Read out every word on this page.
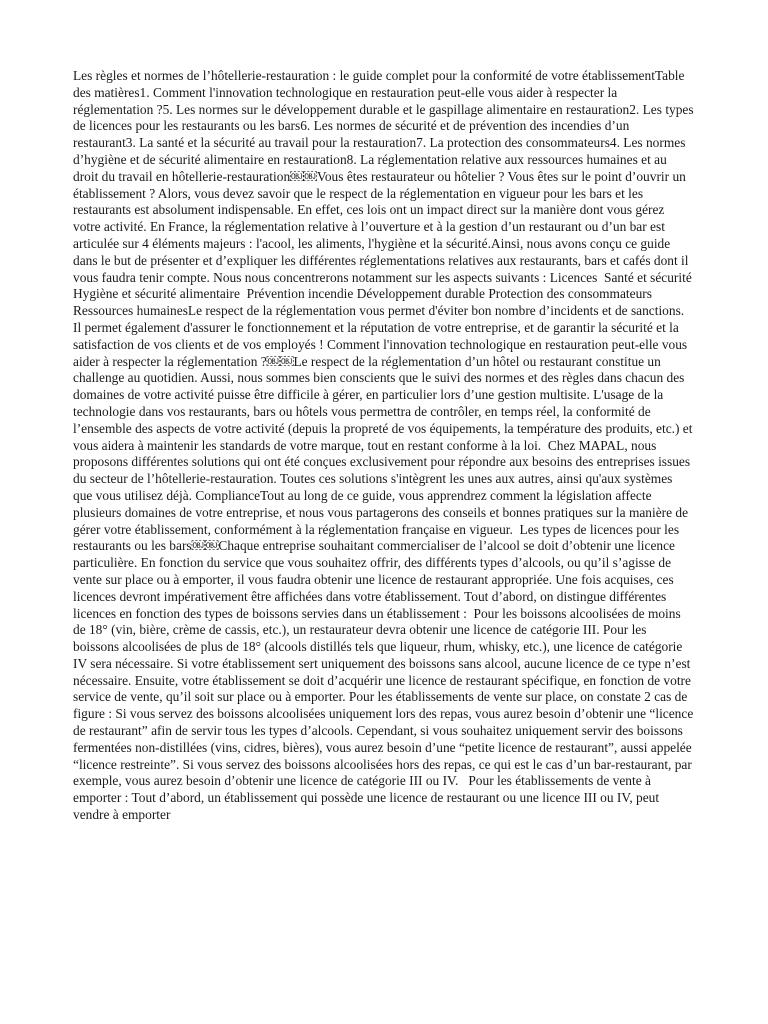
Les règles et normes de l’hôtellerie-restauration : le guide complet pour la conformité de votre établissementTable des matières1. Comment l'innovation technologique en restauration peut-elle vous aider à respecter la réglementation ?5. Les normes sur le développement durable et le gaspillage alimentaire en restauration2. Les types de licences pour les restaurants ou les bars6. Les normes de sécurité et de prévention des incendies d’un restaurant3. La santé et la sécurité au travail pour la restauration7. La protection des consommateurs4. Les normes d’hygiène et de sécurité alimentaire en restauration8. La réglementation relative aux ressources humaines et au droit du travail en hôtellerie-restauration￼￼Vous êtes restaurateur ou hôtelier ? Vous êtes sur le point d’ouvrir un établissement ? Alors, vous devez savoir que le respect de la réglementation en vigueur pour les bars et les restaurants est absolument indispensable. En effet, ces lois ont un impact direct sur la manière dont vous gérez votre activité. En France, la réglementation relative à l’ouverture et à la gestion d’un restaurant ou d’un bar est articulée sur 4 éléments majeurs : l'acool, les aliments, l'hygiène et la sécurité.Ainsi, nous avons conçu ce guide dans le but de présenter et d’expliquer les différentes réglementations relatives aux restaurants, bars et cafés dont il vous faudra tenir compte. Nous nous concentrerons notamment sur les aspects suivants : Licences  Santé et sécurité   Hygiène et sécurité alimentaire  Prévention incendie Développement durable Protection des consommateurs  Ressources humainesLe respect de la réglementation vous permet d'éviter bon nombre d’incidents et de sanctions. Il permet également d'assurer le fonctionnement et la réputation de votre entreprise, et de garantir la sécurité et la satisfaction de vos clients et de vos employés ! Comment l'innovation technologique en restauration peut-elle vous aider à respecter la réglementation ?￼￼Le respect de la réglementation d’un hôtel ou restaurant constitue un challenge au quotidien. Aussi, nous sommes bien conscients que le suivi des normes et des règles dans chacun des domaines de votre activité puisse être difficile à gérer, en particulier lors d’une gestion multisite. L'usage de la technologie dans vos restaurants, bars ou hôtels vous permettra de contrôler, en temps réel, la conformité de l’ensemble des aspects de votre activité (depuis la propreté de vos équipements, la température des produits, etc.) et vous aidera à maintenir les standards de votre marque, tout en restant conforme à la loi.  Chez MAPAL, nous proposons différentes solutions qui ont été conçues exclusivement pour répondre aux besoins des entreprises issues du secteur de l’hôtellerie-restauration. Toutes ces solutions s'intègrent les unes aux autres, ainsi qu'aux systèmes que vous utilisez déjà. ComplianceTout au long de ce guide, vous apprendrez comment la législation affecte plusieurs domaines de votre entreprise, et nous vous partagerons des conseils et bonnes pratiques sur la manière de gérer votre établissement, conformément à la réglementation française en vigueur.  Les types de licences pour les restaurants ou les bars￼￼Chaque entreprise souhaitant commercialiser de l’alcool se doit d’obtenir une licence particulière. En fonction du service que vous souhaitez offrir, des différents types d’alcools, ou qu’il s’agisse de vente sur place ou à emporter, il vous faudra obtenir une licence de restaurant appropriée. Une fois acquises, ces licences devront impérativement être affichées dans votre établissement. Tout d’abord, on distingue différentes licences en fonction des types de boissons servies dans un établissement :  Pour les boissons alcoolisées de moins de 18° (vin, bière, crème de cassis, etc.), un restaurateur devra obtenir une licence de catégorie III. Pour les boissons alcoolisées de plus de 18° (alcools distillés tels que liqueur, rhum, whisky, etc.), une licence de catégorie IV sera nécessaire. Si votre établissement sert uniquement des boissons sans alcool, aucune licence de ce type n’est nécessaire. Ensuite, votre établissement se doit d’acquérir une licence de restaurant spécifique, en fonction de votre service de vente, qu’il soit sur place ou à emporter. Pour les établissements de vente sur place, on constate 2 cas de figure : Si vous servez des boissons alcoolisées uniquement lors des repas, vous aurez besoin d’obtenir une “licence de restaurant” afin de servir tous les types d’alcools. Cependant, si vous souhaitez uniquement servir des boissons fermentées non-distillées (vins, cidres, bières), vous aurez besoin d’une “petite licence de restaurant”, aussi appelée “licence restreinte”. Si vous servez des boissons alcoolisées hors des repas, ce qui est le cas d’un bar-restaurant, par exemple, vous aurez besoin d’obtenir une licence de catégorie III ou IV.   Pour les établissements de vente à emporter : Tout d’abord, un établissement qui possède une licence de restaurant ou une licence III ou IV, peut vendre à emporter
